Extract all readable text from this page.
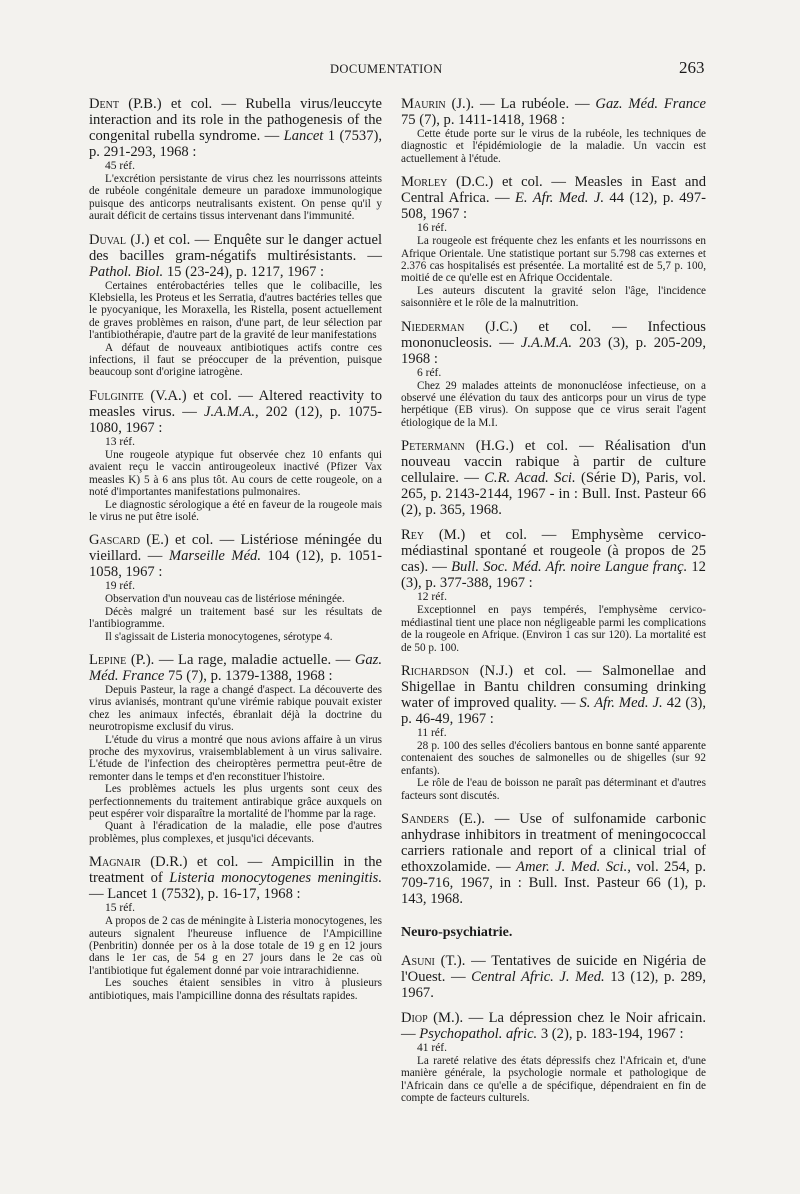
DOCUMENTATION	263
Dent (P.B.) et col. — Rubella virus/leuccyte interaction and its role in the pathogenesis of the congenital rubella syndrome. — Lancet 1 (7537), p. 291-293, 1968 :
45 réf.

L'excrétion persistante de virus chez les nourrissons atteints de rubéole congénitale demeure un paradoxe immunologique puisque des anticorps neutralisants existent. On pense qu'il y aurait déficit de certains tissus intervenant dans l'immunité.

Duval (J.) et col. — Enquête sur le danger actuel des bacilles gram-négatifs multirésistants. — Pathol. Biol. 15 (23-24), p. 1217, 1967 :

Certaines entérobactéries telles que le colibacille, les Klebsiella, les Proteus et les Serratia, d'autres bactéries telles que le pyocyanique, les Moraxella, les Ristella, posent actuellement de graves problèmes en raison, d'une part, de leur sélection par l'antibiothérapie, d'autre part de la gravité de leur manifestations

A défaut de nouveaux antibiotiques actifs contre ces infections, il faut se préoccuper de la prévention, puisque beaucoup sont d'origine iatrogène.

Fulginite (V.A.) et col. — Altered reactivity to measles virus. — J.A.M.A., 202 (12), p. 1075-1080, 1967 :
13 réf.

Une rougeole atypique fut observée chez 10 enfants qui avaient reçu le vaccin antirougeoleux inactivé (Pfizer Vax measles K) 5 à 6 ans plus tôt. Au cours de cette rougeole, on a noté d'importantes manifestations pulmonaires.

Le diagnostic sérologique a été en faveur de la rougeole mais le virus ne put être isolé.

Gascard (E.) et col. — Listériose méningée du vieillard. — Marseille Méd. 104 (12), p. 1051-1058, 1967 :
19 réf.

Observation d'un nouveau cas de listériose méningée.

Décès malgré un traitement basé sur les résultats de l'antibiogramme.

Il s'agissait de Listeria monocytogenes, sérotype 4.

Lepine (P.). — La rage, maladie actuelle. — Gaz. Méd. France 75 (7), p. 1379-1388, 1968 :

Depuis Pasteur, la rage a changé d'aspect. La découverte des virus avianisés, montrant qu'une virémie rabique pouvait exister chez les animaux infectés, ébranlait déjà la doctrine du neurotropisme exclusif du virus.

L'étude du virus a montré que nous avions affaire à un virus proche des myxovirus, vraisemblablement à un virus salivaire. L'étude de l'infection des cheiroptères permettra peut-être de remonter dans le temps et d'en reconstituer l'histoire.

Les problèmes actuels les plus urgents sont ceux des perfectionnements du traitement antirabique grâce auxquels on peut espérer voir disparaître la mortalité de l'homme par la rage.

Quant à l'éradication de la maladie, elle pose d'autres problèmes, plus complexes, et jusqu'ici décevants.

Magnair (D.R.) et col. — Ampicillin in the treatment of Listeria monocytogenes meningitis. — Lancet 1 (7532), p. 16-17, 1968 :
15 réf.

A propos de 2 cas de méningite à Listeria monocytogenes, les auteurs signalent l'heureuse influence de l'Ampicilline (Penbritin) donnée per os à la dose totale de 19 g en 12 jours dans le 1er cas, de 54 g en 27 jours dans le 2e cas où l'antibiotique fut également donné par voie intrarachidienne.

Les souches étaient sensibles in vitro à plusieurs antibiotiques, mais l'ampicilline donna des résultats rapides.

Maurin (J.). — La rubéole. — Gaz. Méd. France 75 (7), p. 1411-1418, 1968 :

Cette étude porte sur le virus de la rubéole, les techniques de diagnostic et l'épidémiologie de la maladie. Un vaccin est actuellement à l'étude.

Morley (D.C.) et col. — Measles in East and Central Africa. — E. Afr. Med. J. 44 (12), p. 497-508, 1967 :
16 réf.

La rougeole est fréquente chez les enfants et les nourrissons en Afrique Orientale. Une statistique portant sur 5.798 cas externes et 2.376 cas hospitalisés est présentée. La mortalité est de 5,7 p. 100, moitié de ce qu'elle est en Afrique Occidentale.

Les auteurs discutent la gravité selon l'âge, l'incidence saisonnière et le rôle de la malnutrition.

Niederman (J.C.) et col. — Infectious mononucleosis. — J.A.M.A. 203 (3), p. 205-209, 1968 :
6 réf.

Chez 29 malades atteints de mononucléose infectieuse, on a observé une élévation du taux des anticorps pour un virus de type herpétique (EB virus). On suppose que ce virus serait l'agent étiologique de la M.I.

Petermann (H.G.) et col. — Réalisation d'un nouveau vaccin rabique à partir de culture cellulaire. — C.R. Acad. Sci. (Série D), Paris, vol. 265, p. 2143-2144, 1967 - in : Bull. Inst. Pasteur 66 (2), p. 365, 1968.
Rey (M.) et col. — Emphysème cervico-médiastinal spontané et rougeole (à propos de 25 cas). — Bull. Soc. Méd. Afr. noire Langue franç. 12 (3), p. 377-388, 1967 :
12 réf.

Exceptionnel en pays tempérés, l'emphysème cervico-médiastinal tient une place non négligeable parmi les complications de la rougeole en Afrique. (Environ 1 cas sur 120). La mortalité est de 50 p. 100.

Richardson (N.J.) et col. — Salmonellae and Shigellae in Bantu children consuming drinking water of improved quality. — S. Afr. Med. J. 42 (3), p. 46-49, 1967 :
11 réf.

28 p. 100 des selles d'écoliers bantous en bonne santé apparente contenaient des souches de salmonelles ou de shigelles (sur 92 enfants).

Le rôle de l'eau de boisson ne paraît pas déterminant et d'autres facteurs sont discutés.

Sanders (E.). — Use of sulfonamide carbonic anhydrase inhibitors in treatment of meningococcal carriers rationale and report of a clinical trial of ethoxzolamide. — Amer. J. Med. Sci., vol. 254, p. 709-716, 1967, in : Bull. Inst. Pasteur 66 (1), p. 143, 1968.
Neuro-psychiatrie.
Asuni (T.). — Tentatives de suicide en Nigéria de l'Ouest. — Central Afric. J. Med. 13 (12), p. 289, 1967.
Diop (M.). — La dépression chez le Noir africain. — Psychopathol. afric. 3 (2), p. 183-194, 1967 :
41 réf.

La rareté relative des états dépressifs chez l'Africain et, d'une manière générale, la psychologie normale et pathologique de l'Africain dans ce qu'elle a de spécifique, dépendraient en fin de compte de facteurs culturels.
